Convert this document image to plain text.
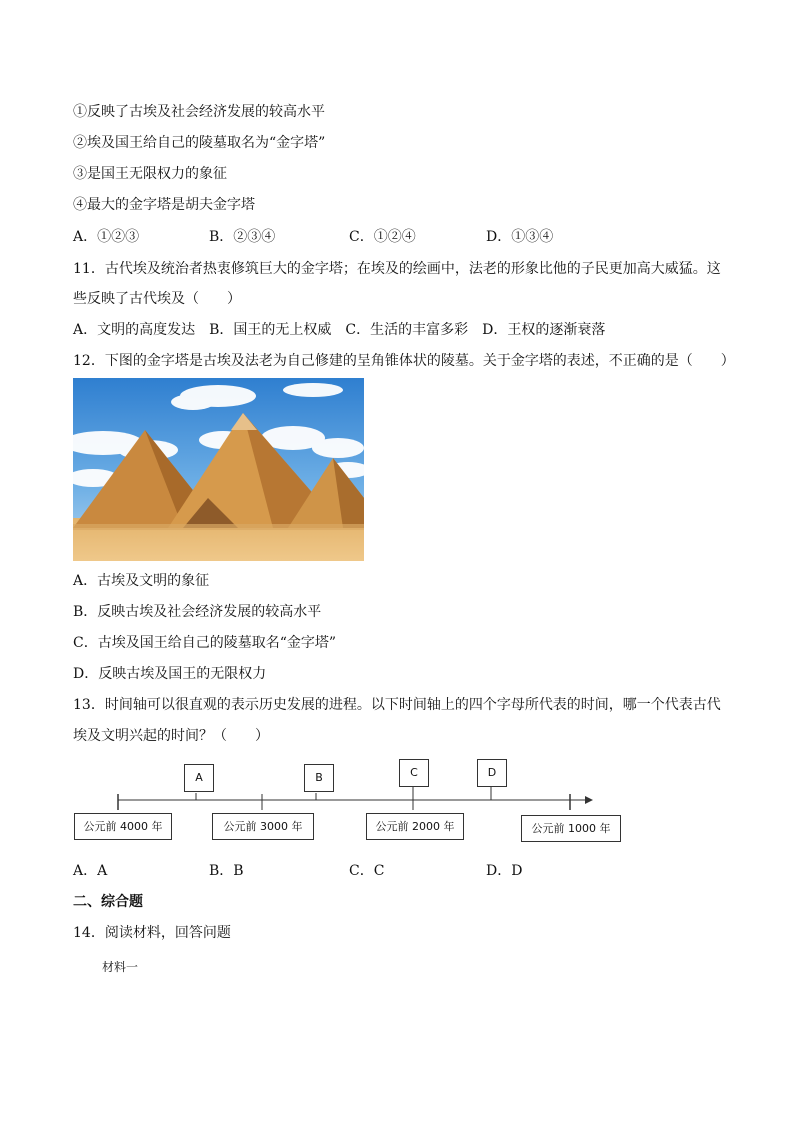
①反映了古埃及社会经济发展的较高水平
②埃及国王给自己的陵墓取名为“金字塔”
③是国王无限权力的象征
④最大的金字塔是胡夫金字塔
A．①②③	B．②③④	C．①②④	D．①③④
11．古代埃及统治者热衷修筑巨大的金字塔；在埃及的绘画中，法老的形象比他的子民更加高大威猛。这
些反映了古代埃及（　　）
A．文明的高度发达　B．国王的无上权威　C．生活的丰富多彩　D．王权的逐渐衰落
12．下图的金字塔是古埃及法老为自己修建的呈角锥体状的陵墓。关于金字塔的表述，不正确的是（　　）
A．古埃及文明的象征
B．反映古埃及社会经济发展的较高水平
C．古埃及国王给自己的陵墓取名“金字塔”
D．反映古埃及国王的无限权力
13．时间轴可以很直观的表示历史发展的进程。以下时间轴上的四个字母所代表的时间，哪一个代表古代
埃及文明兴起的时间？（　　）
A	B	C	D
公元前 4000 年	公元前 3000 年	公元前 2000 年	公元前 1000 年
A．A	B．B	C．C	D．D
二、综合题
14．阅读材料，回答问题
材料一
